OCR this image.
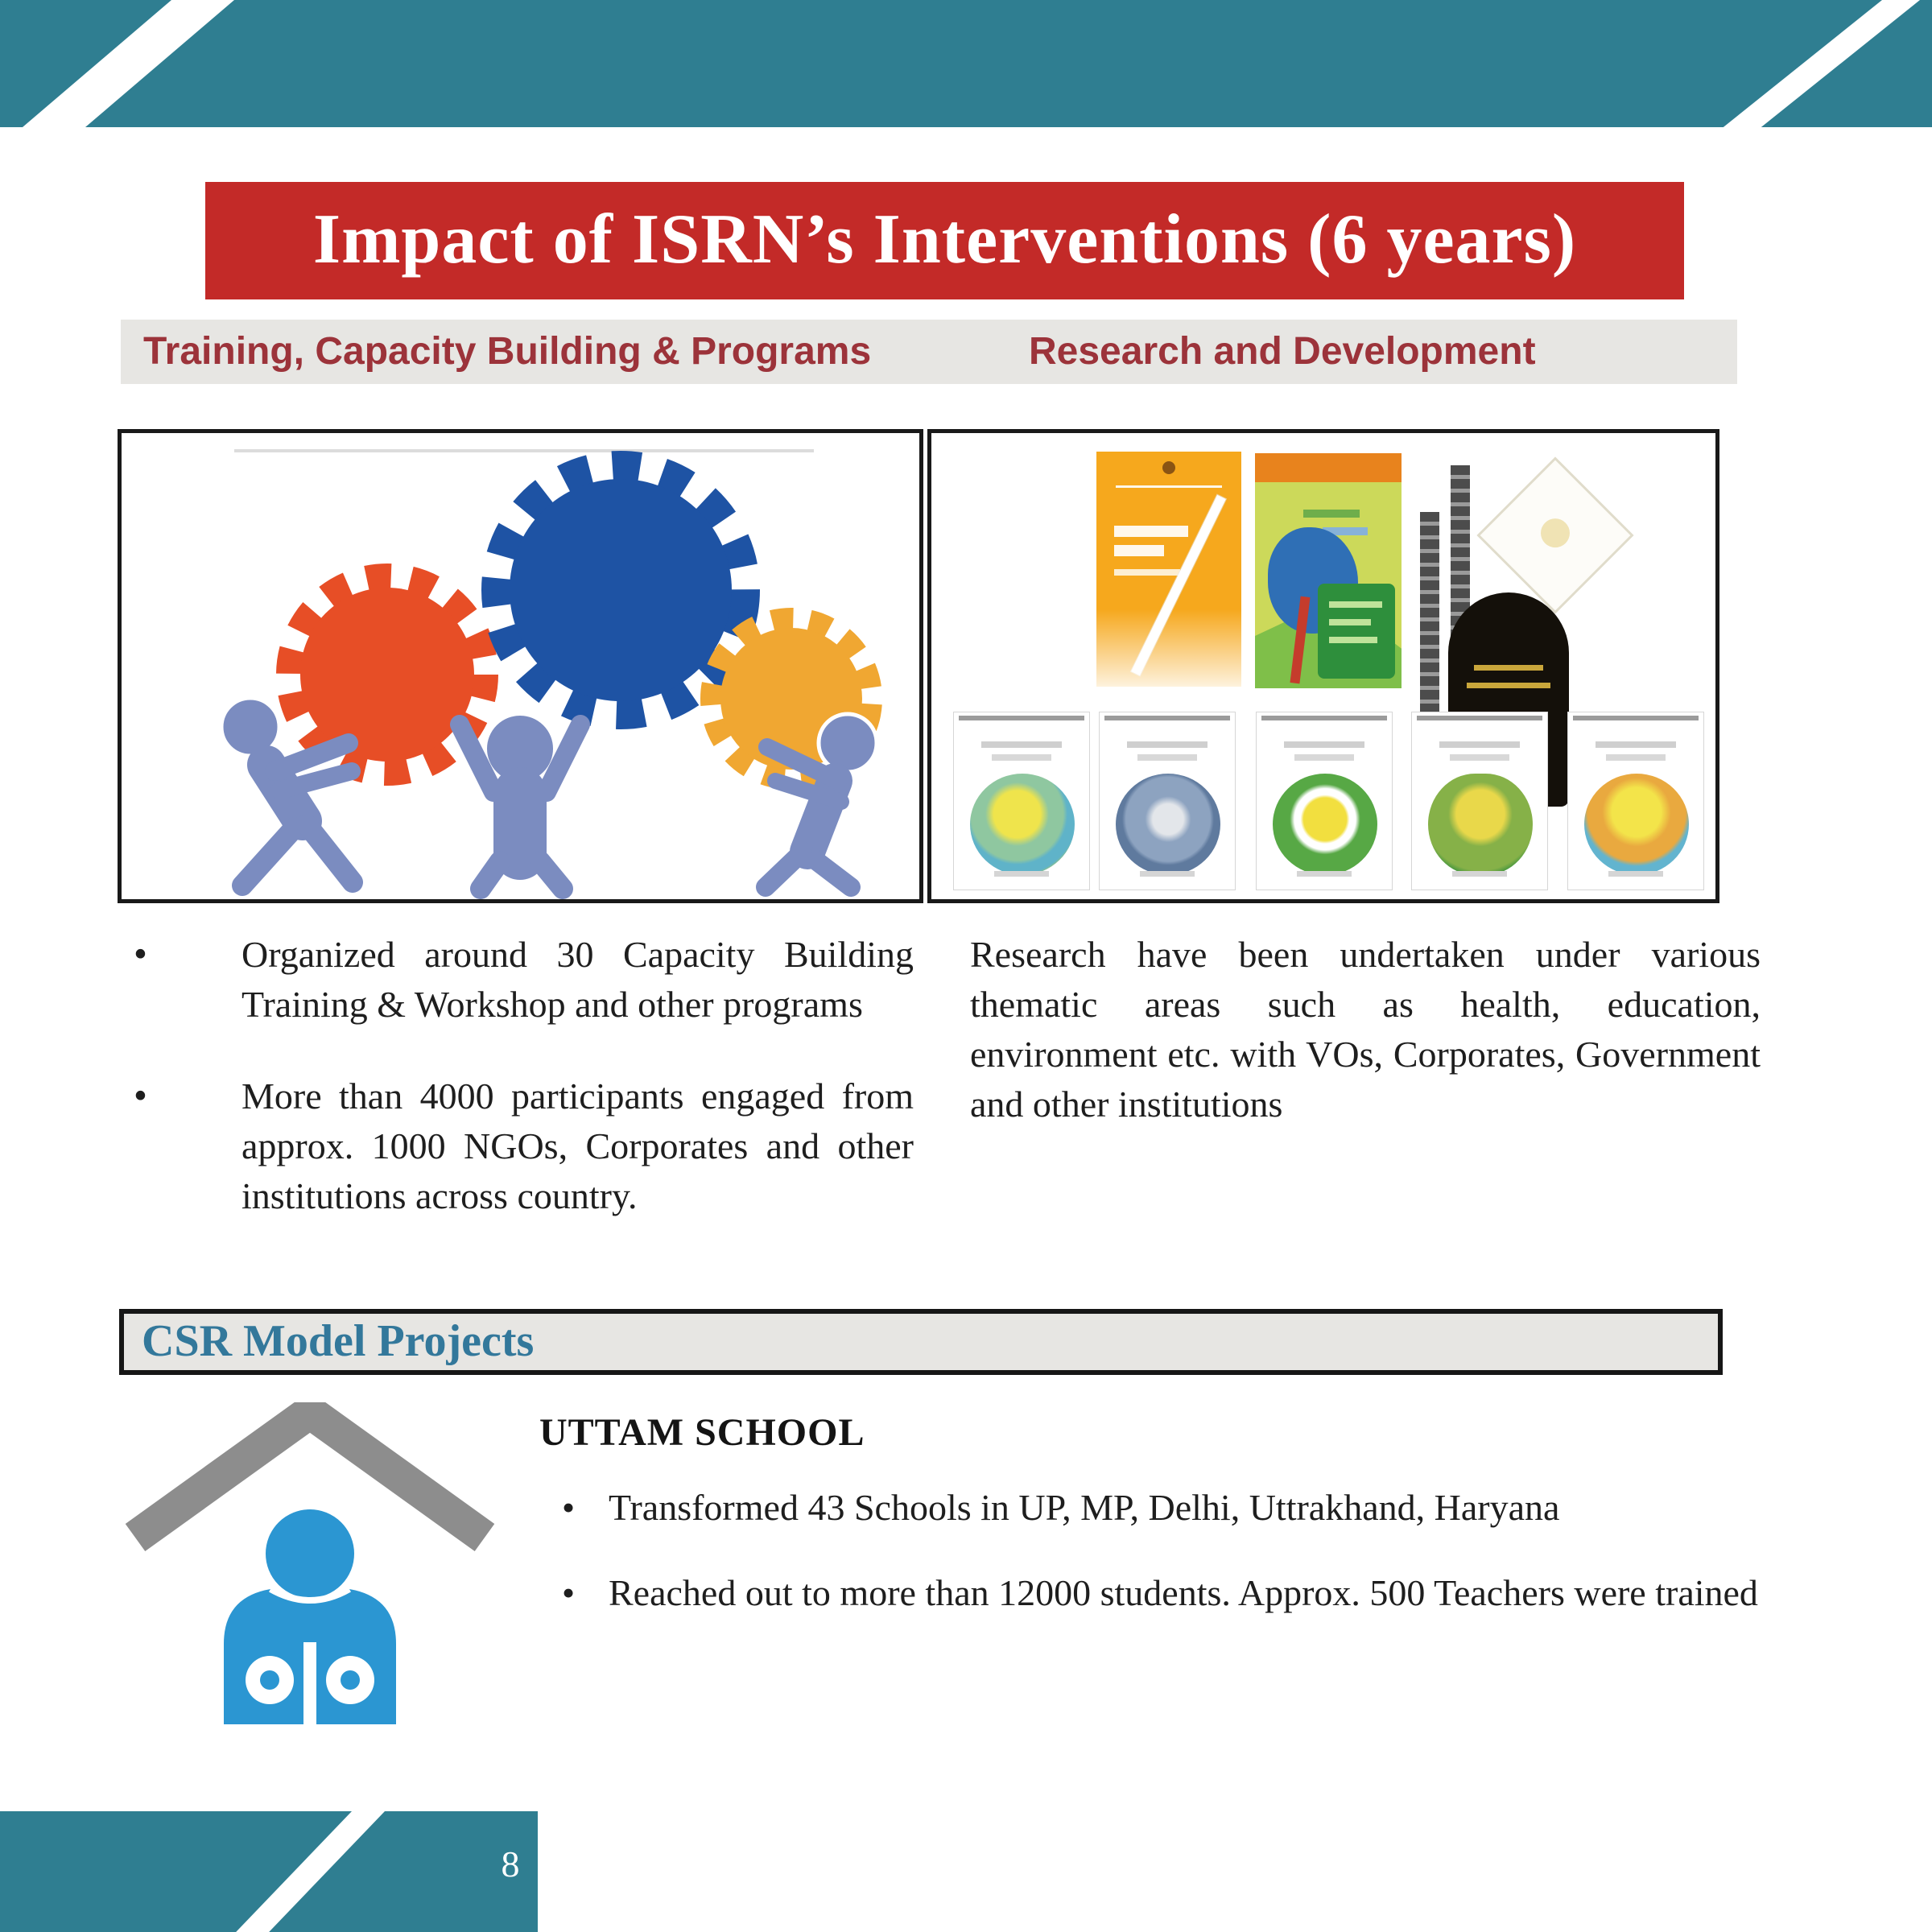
Impact of ISRN’s Interventions (6 years)
Training, Capacity Building & Programs	Research and Development
• Organized around 30 Capacity Building Training & Workshop and other programs
• More than 4000 participants engaged from approx. 1000 NGOs, Corporates and other institutions across country.
Research have been undertaken under various thematic areas such as health, education, environment etc. with VOs, Corporates, Government and other institutions
CSR Model Projects
UTTAM SCHOOL
• Transformed 43 Schools in UP, MP, Delhi, Uttrakhand, Haryana
• Reached out to more than 12000 students. Approx. 500 Teachers were trained
8
